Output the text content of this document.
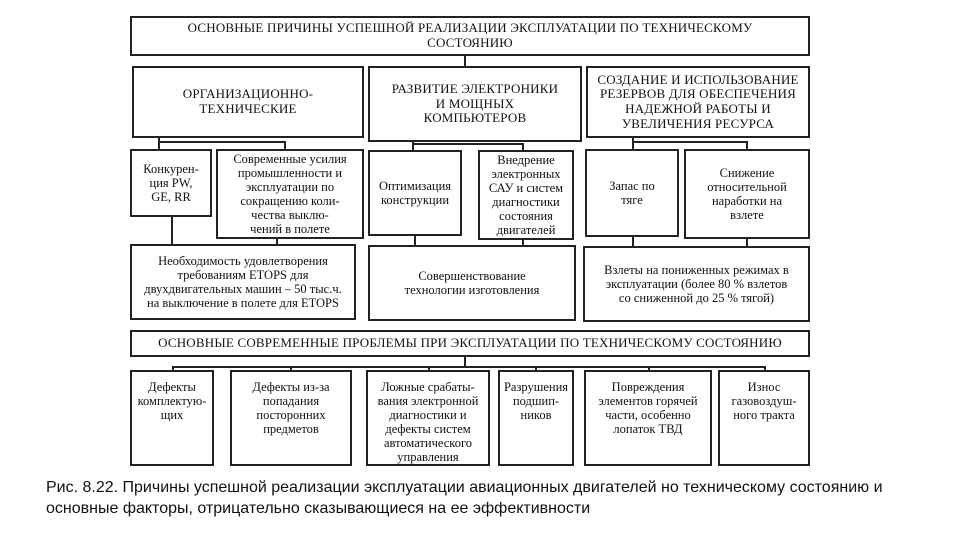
ОСНОВНЫЕ ПРИЧИНЫ УСПЕШНОЙ РЕАЛИЗАЦИИ ЭКСПЛУАТАЦИИ ПО ТЕХНИЧЕСКОМУ
СОСТОЯНИЮ
ОРГАНИЗАЦИОННО-
ТЕХНИЧЕСКИЕ
РАЗВИТИЕ ЭЛЕКТРОНИКИ
И МОЩНЫХ
КОМПЬЮТЕРОВ
СОЗДАНИЕ И ИСПОЛЬЗОВАНИЕ
РЕЗЕРВОВ ДЛЯ ОБЕСПЕЧЕНИЯ
НАДЕЖНОЙ РАБОТЫ И
УВЕЛИЧЕНИЯ РЕСУРСА
Конкурен-
ция PW,
GE, RR
Современные усилия
промышленности и
эксплуатации по
сокращению коли-
чества выклю-
чений в полете
Оптимизация
конструкции
Внедрение
электронных
САУ и систем
диагностики
состояния
двигателей
Запас по
тяге
Снижение
относительной
наработки на
взлете
Необходимость удовлетворения
требованиям ETOPS для
двухдвигательных машин – 50 тыс.ч.
на выключение в полете для ETOPS
Совершенствование
технологии изготовления
Взлеты на пониженных режимах в
эксплуатации (более 80 % взлетов
со сниженной до 25 % тягой)
ОСНОВНЫЕ СОВРЕМЕННЫЕ ПРОБЛЕМЫ ПРИ ЭКСПЛУАТАЦИИ ПО ТЕХНИЧЕСКОМУ СОСТОЯНИЮ
Дефекты
комплектую-
щих
Дефекты из-за
попадания
посторонних
предметов
Ложные срабаты-
вания электронной
диагностики и
дефекты систем
автоматического
управления
Разрушения
подшип-
ников
Повреждения
элементов горячей
части, особенно
лопаток ТВД
Износ
газовоздуш-
ного тракта
Рис. 8.22. Причины успешной реализации эксплуатации авиационных двигателей но техническому состоянию и основные факторы, отрицательно сказывающиеся на ее эффективности
